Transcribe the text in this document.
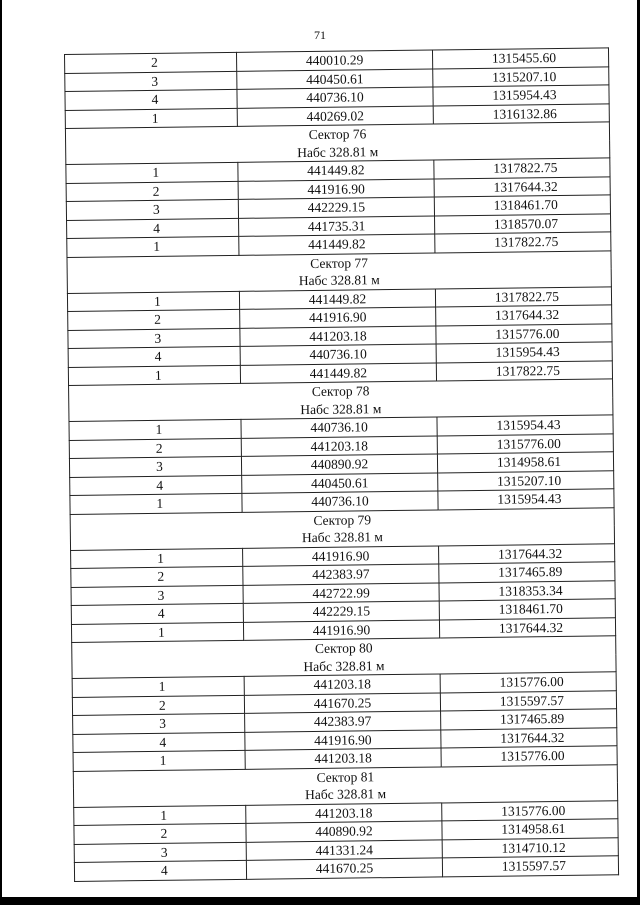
71
2	440010.29	1315455.60
3	440450.61	1315207.10
4	440736.10	1315954.43
1	440269.02	1316132.86
Сектор 76		
Набс 328.81 м		
1	441449.82	1317822.75
2	441916.90	1317644.32
3	442229.15	1318461.70
4	441735.31	1318570.07
1	441449.82	1317822.75
Сектор 77		
Набс 328.81 м		
1	441449.82	1317822.75
2	441916.90	1317644.32
3	441203.18	1315776.00
4	440736.10	1315954.43
1	441449.82	1317822.75
Сектор 78		
Набс 328.81 м		
1	440736.10	1315954.43
2	441203.18	1315776.00
3	440890.92	1314958.61
4	440450.61	1315207.10
1	440736.10	1315954.43
Сектор 79		
Набс 328.81 м		
1	441916.90	1317644.32
2	442383.97	1317465.89
3	442722.99	1318353.34
4	442229.15	1318461.70
1	441916.90	1317644.32
Сектор 80		
Набс 328.81 м		
1	441203.18	1315776.00
2	441670.25	1315597.57
3	442383.97	1317465.89
4	441916.90	1317644.32
1	441203.18	1315776.00
Сектор 81		
Набс 328.81 м		
1	441203.18	1315776.00
2	440890.92	1314958.61
3	441331.24	1314710.12
4	441670.25	1315597.57
